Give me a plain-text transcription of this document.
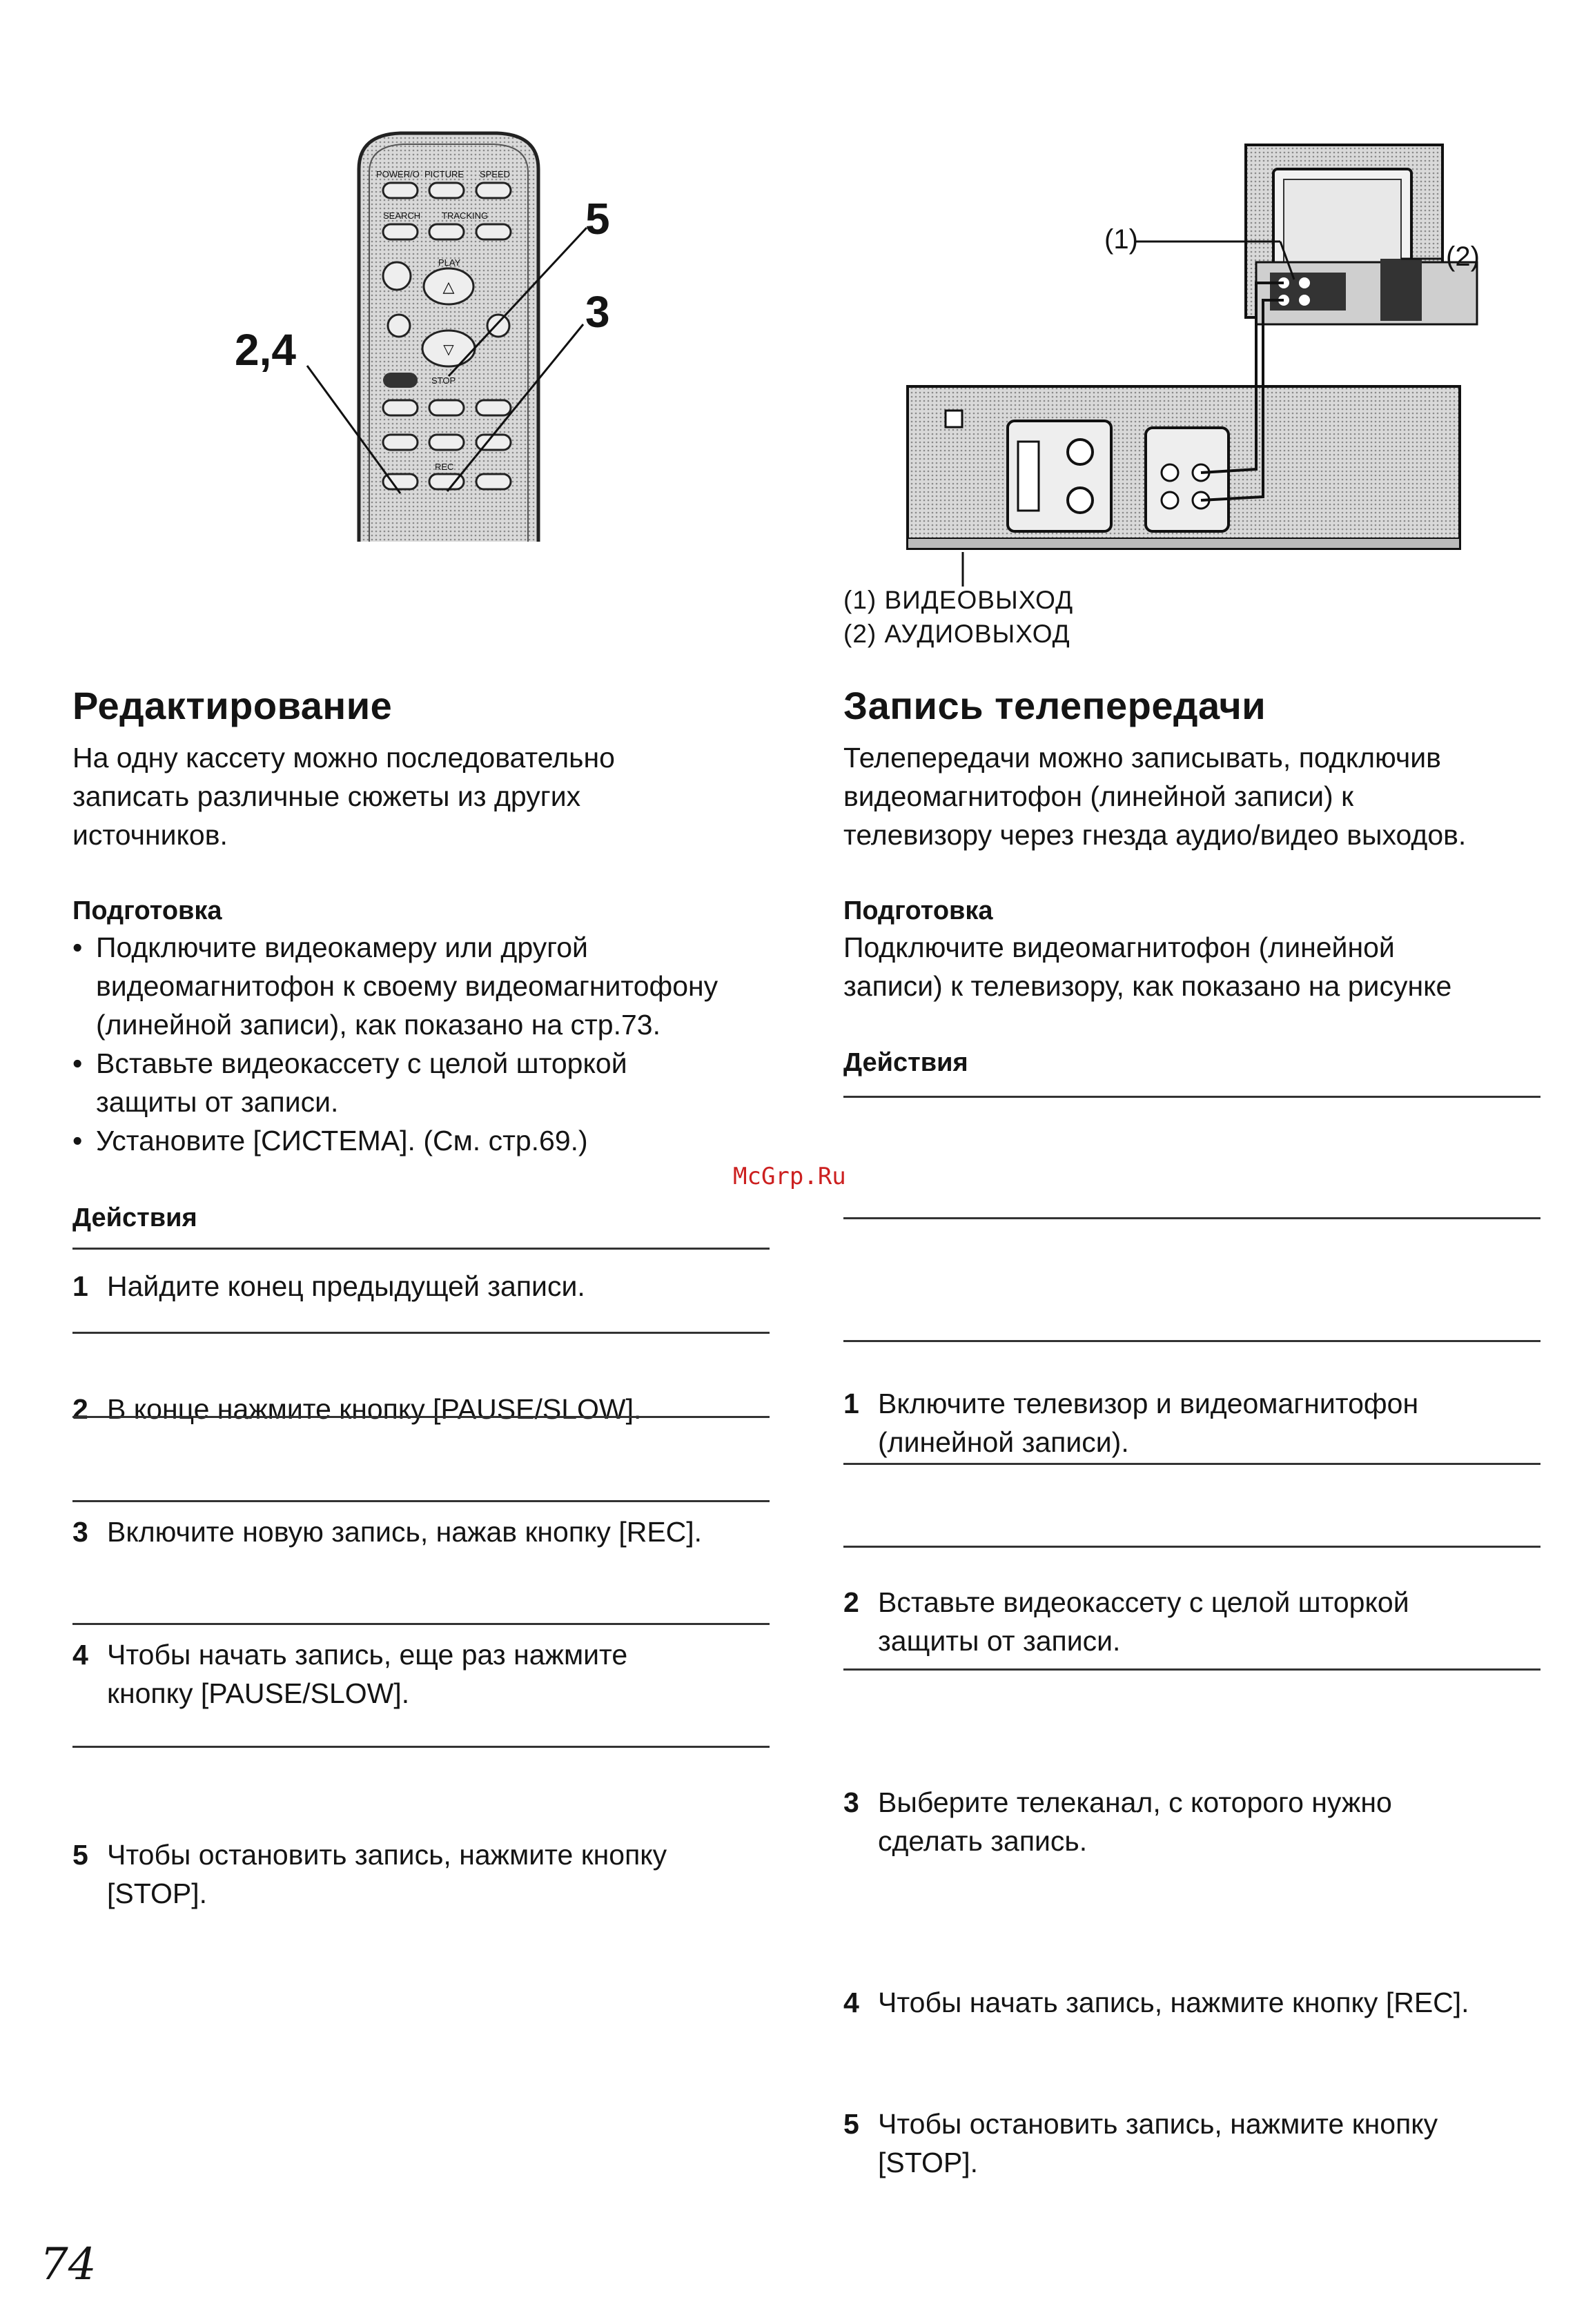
△
▽
POWER/O PICTURE SPEED
SEARCH TRACKING
PLAY
STOP
REC
2,4
5
3
(1)
(2)
(1) ВИДЕОВЫХОД
(2) АУДИОВЫХОД
Редактирование

На одну кассету можно последовательно

записать различные сюжеты из других

источников.

Подготовка
• Подключите видеокамеру или другой
видеомагнитофон к своему видеомагнитофону
(линейной записи), как показано на стр.73.
• Вставьте видеокассету с целой шторкой
защиты от записи.
• Установите [СИСТЕМА]. (См. стр.69.)
Действия
1 Найдите конец предыдущей записи.
2 В конце нажмите кнопку [PAUSE/SLOW].
3 Включите новую запись, нажав кнопку [REC].
4 Чтобы начать запись, еще раз нажмите
кнопку [PAUSE/SLOW].
5 Чтобы остановить запись, нажмите кнопку
[STOP].
Запись телепередачи

Телепередачи можно записывать, подключив

видеомагнитофон (линейной записи) к

телевизору через гнезда аудио/видео выходов.

Подготовка

Подключите видеомагнитофон (линейной

записи) к телевизору, как показано на рисунке

Действия
1 Включите телевизор и видеомагнитофон
(линейной записи).
2 Вставьте видеокассету с целой шторкой
защиты от записи.
3 Выберите телеканал, с которого нужно
сделать запись.
4 Чтобы начать запись, нажмите кнопку [REC].
5 Чтобы остановить запись, нажмите кнопку
[STOP].
McGrp.Ru
74
